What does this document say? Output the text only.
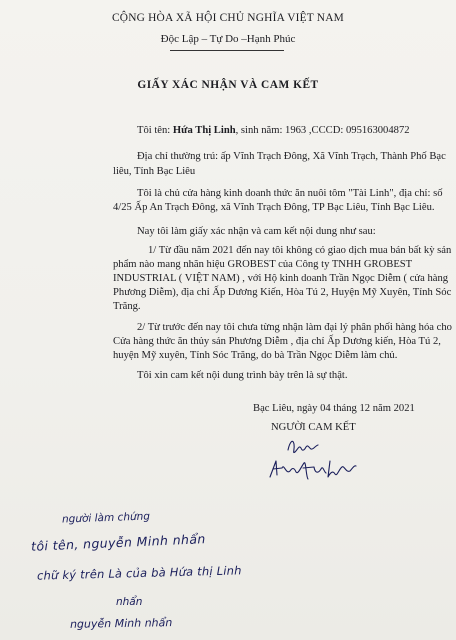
CỘNG HÒA XÃ HỘI CHỦ NGHĨA VIỆT NAM
Độc Lập – Tự Do –Hạnh Phúc
GIẤY XÁC NHẬN VÀ CAM KẾT
Tôi tên: Hứa Thị Linh, sinh năm: 1963 ,CCCD: 095163004872
Địa chỉ thường trú: ấp Vĩnh Trạch Đông, Xã Vĩnh Trạch, Thành Phố Bạc
liêu, Tỉnh Bạc Liêu
Tôi là chủ cửa hàng kinh doanh thức ăn nuôi tôm "Tài Linh", địa chỉ: số
4/25 Ấp An Trạch Đông, xã Vĩnh Trạch Đông, TP Bạc Liêu, Tỉnh Bạc Liêu.
Nay tôi làm giấy xác nhận và cam kết nội dung như sau:
1/ Từ đầu năm 2021 đến nay tôi không có giao dịch mua bán bất kỳ sản
phẩm nào mang nhãn hiệu GROBEST của Công ty TNHH GROBEST
INDUSTRIAL ( VIỆT NAM) , với Hộ kinh doanh Trần Ngọc Diễm ( cửa hàng
Phương Diễm), địa chỉ Ấp Dương Kiến, Hòa Tú 2, Huyện Mỹ Xuyên, Tỉnh Sóc
Trăng.
2/ Từ trước đến nay tôi chưa từng nhận làm đại lý phân phối hàng hóa cho
Cửa hàng thức ăn thủy sản Phương Diễm , địa chỉ Ấp Dương kiến, Hòa Tú 2,
huyện Mỹ xuyên, Tỉnh Sóc Trăng, do bà Trần Ngọc Diễm làm chủ.
Tôi xin cam kết nội dung trình bày trên là sự thật.
Bạc Liêu, ngày 04 tháng 12 năm 2021
NGƯỜI CAM KẾT
người làm chứng
tôi tên, nguyễn Minh nhẩn
chữ ký trên Là của bà Hứa thị Linh
nhẩn
nguyễn Minh nhẩn
